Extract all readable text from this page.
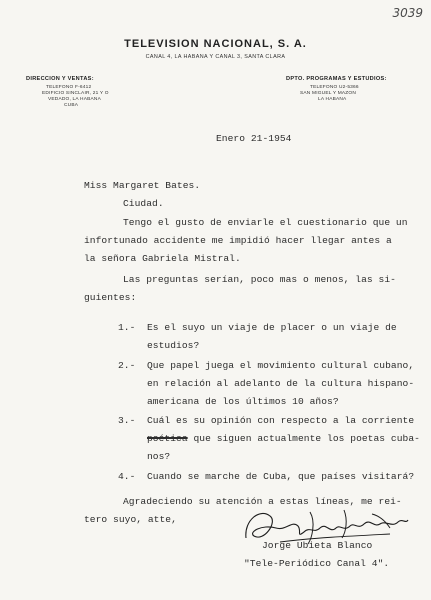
3039
TELEVISION NACIONAL, S. A.
CANAL 4, LA HABANA Y CANAL 3, SANTA CLARA
DIRECCION Y VENTAS:
TELEFONO F-6412
EDIFICIO SINCLAIR, 21 Y O
VEDADO, LA HABANA
CUBA
DPTO. PROGRAMAS Y ESTUDIOS:
TELEFONO U2-5366
SAN MIGUEL Y MAZON
LA HABANA
Enero 21-1954
Miss Margaret Bates.
Ciudad.
Tengo el gusto de enviarle el cuestionario que un
infortunado accidente me impidió hacer llegar antes a
la señora Gabriela Mistral.
Las preguntas serían, poco mas o menos, las si-
guientes:
1.- Es el suyo un viaje de placer o un viaje de
estudios?
2.- Que papel juega el movimiento cultural cubano,
en relación al adelanto de la cultura hispano-
americana de los últimos 10 años?
3.- Cuál es su opinión con respecto a la corriente
poética que siguen actualmente los poetas cuba-
nos?
4.- Cuando se marche de Cuba, que países visitará?
Agradeciendo su atención a estas líneas, me rei-
tero suyo, atte,
Jorge Ubieta Blanco
"Tele-Periódico Canal 4".
